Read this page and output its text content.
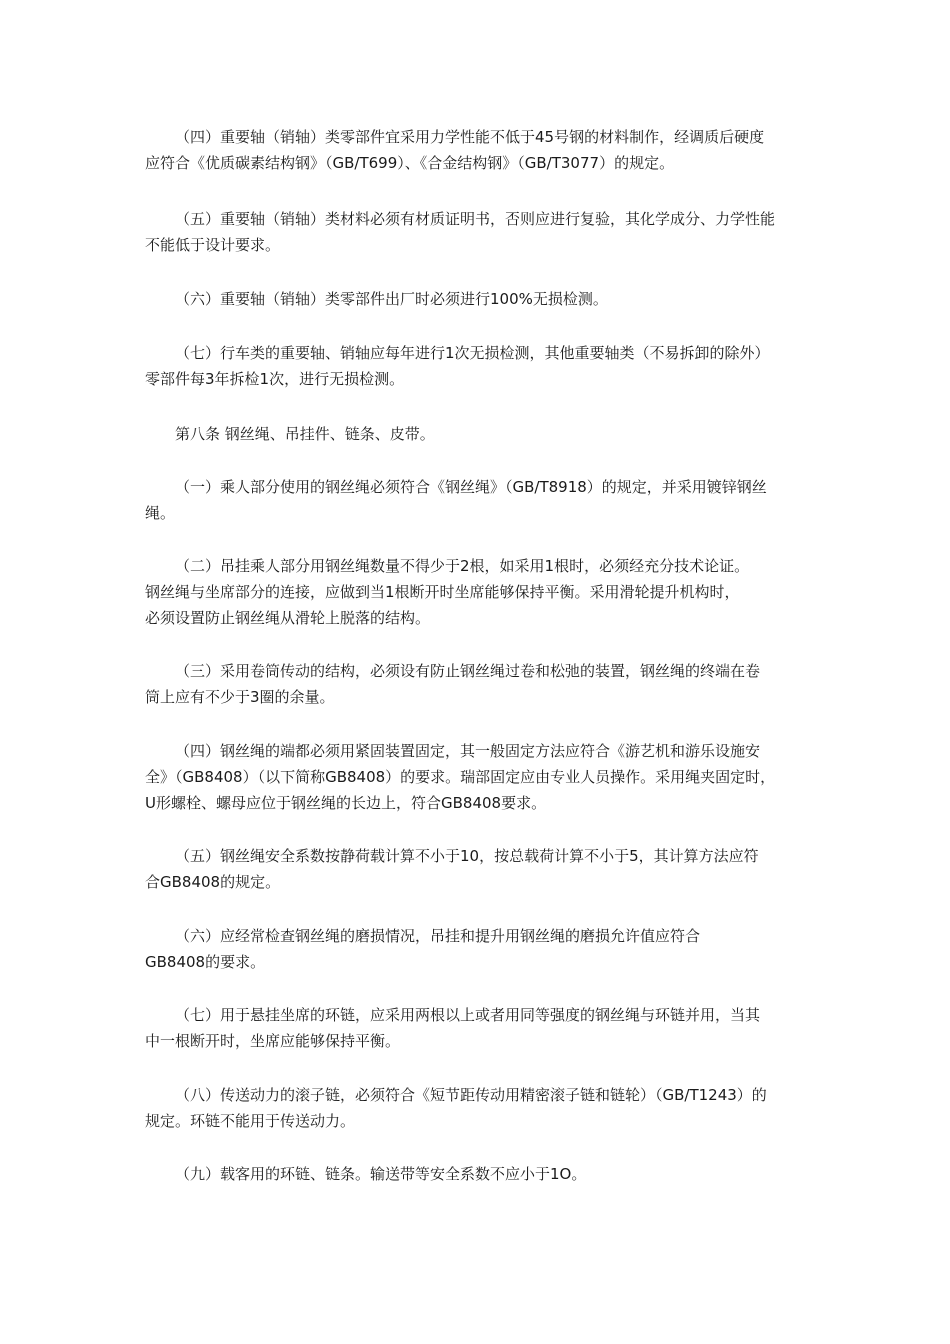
（四）重要轴（销轴）类零部件宜采用力学性能不低于45号钢的材料制作，经调质后硬度
应符合《优质碳素结构钢》（GB/T699）、《合金结构钢》（GB/T3077）的规定。

（五）重要轴（销轴）类材料必须有材质证明书，否则应进行复验，其化学成分、力学性能
不能低于设计要求。

（六）重要轴（销轴）类零部件出厂时必须进行100%无损检测。

（七）行车类的重要轴、销轴应每年进行1次无损检测，其他重要轴类（不易拆卸的除外）
零部件每3年拆检1次，进行无损检测。

第八条 钢丝绳、吊挂件、链条、皮带。

（一）乘人部分使用的钢丝绳必须符合《钢丝绳》（GB/T8918）的规定，并采用镀锌钢丝
绳。

（二）吊挂乘人部分用钢丝绳数量不得少于2根，如采用1根时，必须经充分技术论证。
钢丝绳与坐席部分的连接，应做到当1根断开时坐席能够保持平衡。采用滑轮提升机构时，
必须设置防止钢丝绳从滑轮上脱落的结构。

（三）采用卷筒传动的结构，必须设有防止钢丝绳过卷和松弛的装置，钢丝绳的终端在卷
筒上应有不少于3圈的余量。

（四）钢丝绳的端都必须用紧固装置固定，其一般固定方法应符合《游艺机和游乐设施安
全》（GB8408）（以下简称GB8408）的要求。瑞部固定应由专业人员操作。采用绳夹固定时，
U形螺栓、螺母应位于钢丝绳的长边上，符合GB8408要求。

（五）钢丝绳安全系数按静荷载计算不小于10，按总载荷计算不小于5，其计算方法应符
合GB8408的规定。

（六）应经常检查钢丝绳的磨损情况，吊挂和提升用钢丝绳的磨损允许值应符合
GB8408的要求。

（七）用于悬挂坐席的环链，应采用两根以上或者用同等强度的钢丝绳与环链并用，当其
中一根断开时，坐席应能够保持平衡。

（八）传送动力的滚子链，必须符合《短节距传动用精密滚子链和链轮）（GB/T1243）的
规定。环链不能用于传送动力。

（九）载客用的环链、链条。输送带等安全系数不应小于1O。
